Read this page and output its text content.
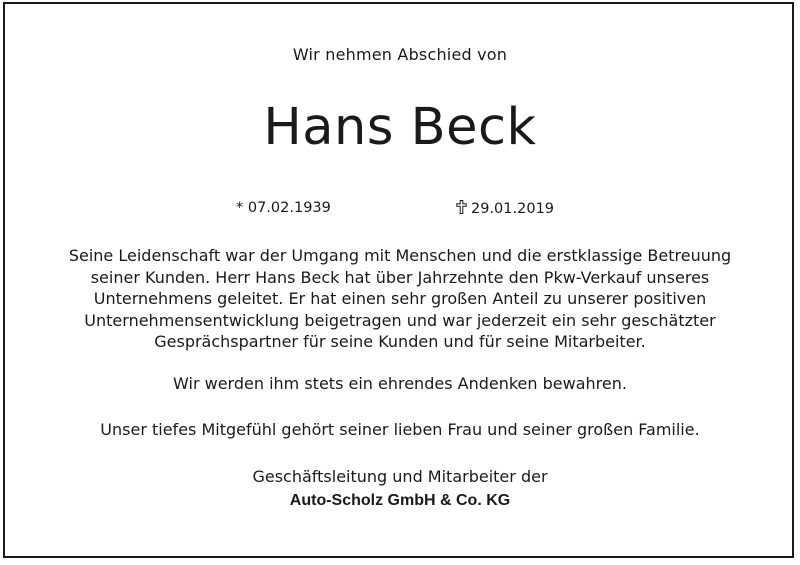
Wir nehmen Abschied von
Hans Beck
* 07.02.1939	29.01.2019
Seine Leidenschaft war der Umgang mit Menschen und die erstklassige Betreuung
seiner Kunden. Herr Hans Beck hat über Jahrzehnte den Pkw-Verkauf unseres
Unternehmens geleitet. Er hat einen sehr großen Anteil zu unserer positiven
Unternehmensentwicklung beigetragen und war jederzeit ein sehr geschätzter
Gesprächspartner für seine Kunden und für seine Mitarbeiter.
Wir werden ihm stets ein ehrendes Andenken bewahren.
Unser tiefes Mitgefühl gehört seiner lieben Frau und seiner großen Familie.
Geschäftsleitung und Mitarbeiter der
Auto-Scholz GmbH & Co. KG
